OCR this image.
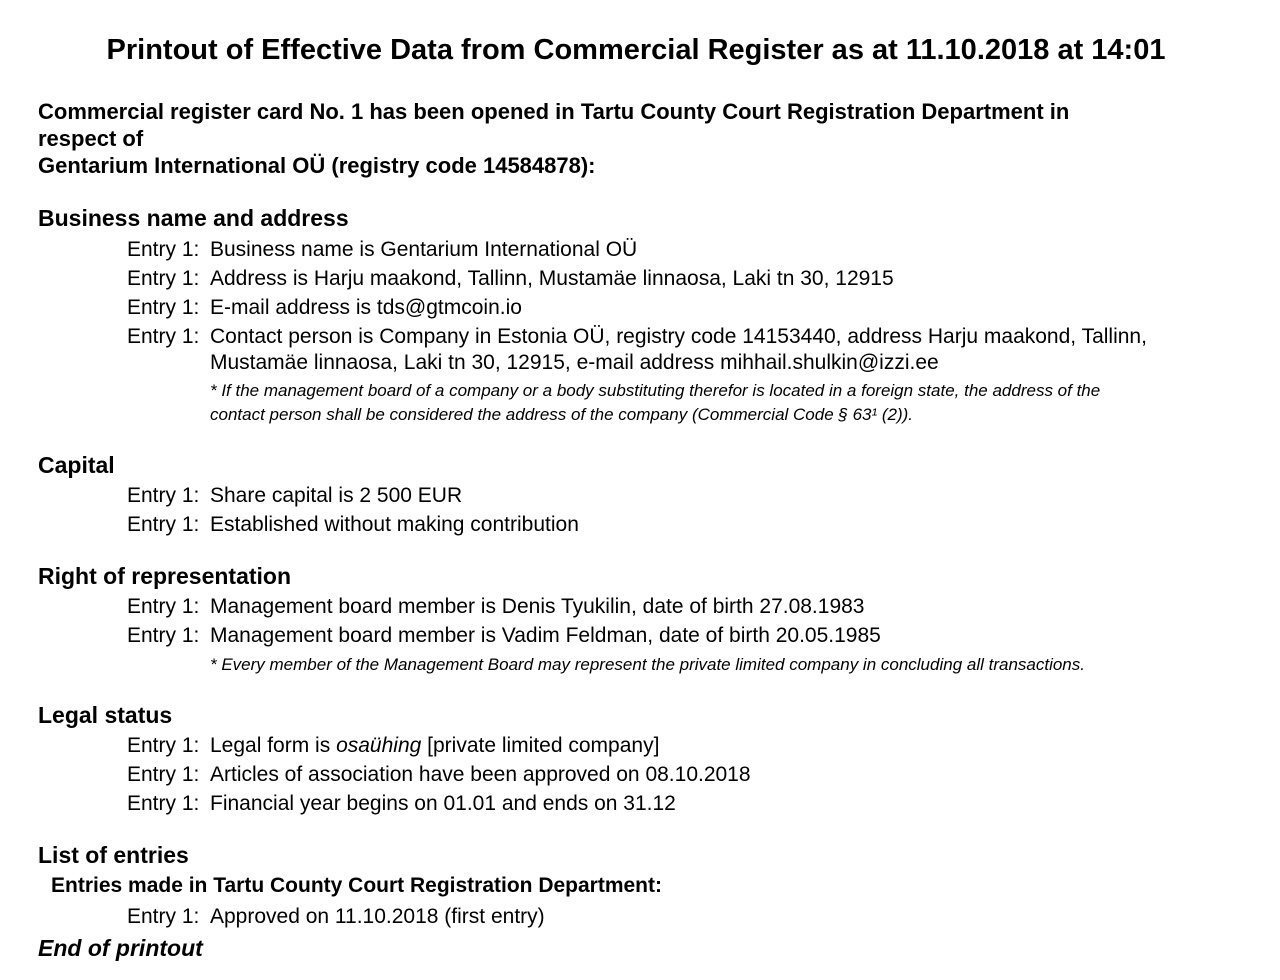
Printout of Effective Data from Commercial Register as at 11.10.2018 at 14:01
Commercial register card No. 1 has been opened in Tartu County Court Registration Department in
respect of
Gentarium International OÜ (registry code 14584878):
Business name and address

Entry 1: Business name is Gentarium International OÜ

Entry 1: Address is Harju maakond, Tallinn, Mustamäe linnaosa, Laki tn 30, 12915

Entry 1: E-mail address is tds@gtmcoin.io

Entry 1: Contact person is Company in Estonia OÜ, registry code 14153440, address Harju maakond, Tallinn,

Mustamäe linnaosa, Laki tn 30, 12915, e-mail address mihhail.shulkin@izzi.ee

* If the management board of a company or a body substituting therefor is located in a foreign state, the address of the

contact person shall be considered the address of the company (Commercial Code § 63¹ (2)).

Capital

Entry 1: Share capital is 2 500 EUR

Entry 1: Established without making contribution

Right of representation

Entry 1: Management board member is Denis Tyukilin, date of birth 27.08.1983

Entry 1: Management board member is Vadim Feldman, date of birth 20.05.1985

* Every member of the Management Board may represent the private limited company in concluding all transactions.

Legal status

Entry 1: Legal form is osaühing [private limited company]

Entry 1: Articles of association have been approved on 08.10.2018

Entry 1: Financial year begins on 01.01 and ends on 31.12

List of entries

Entries made in Tartu County Court Registration Department:

Entry 1: Approved on 11.10.2018 (first entry)

End of printout
